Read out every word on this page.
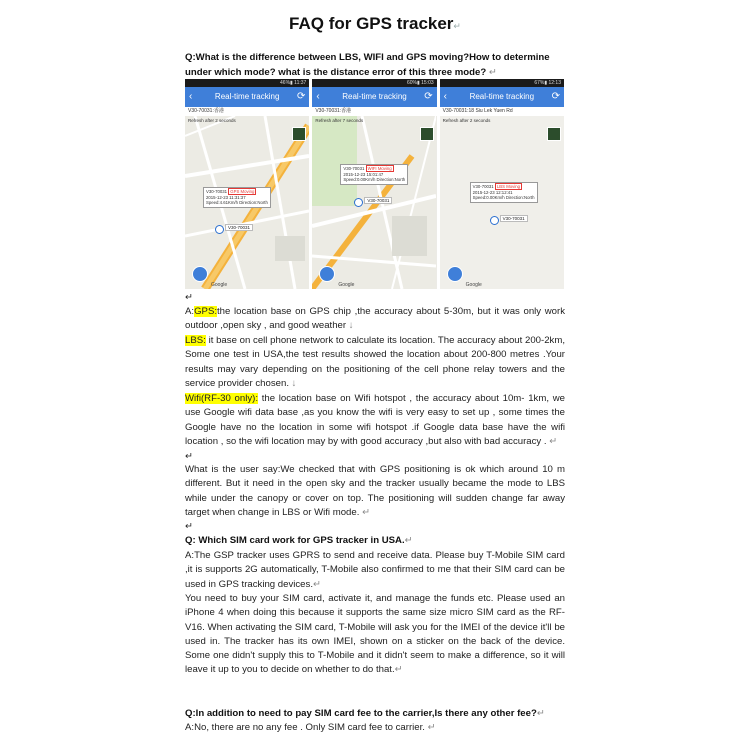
FAQ for GPS tracker↵
Q:What is the difference between LBS, WIFI and GPS moving?How to determine under which mode? what is the distance error of this three mode? ↵
46%▮ 11:37
‹	Real-time tracking ⟳
V30-70031:香港
Refresh after 2 seconds
V30-70031 GPS Moving
2015-12-23 11:31:37
Speed:4.61Km/h Direction:North
V30-70031
Google
60%▮ 15:03
‹	Real-time tracking ⟳
V30-70031:香港
Refresh after 7 seconds
V30-70031 WIFI Moving
2015-12-23 15:01:47
Speed:0.00Km/h Direction:North
V30-70031
Google
67%▮ 12:13
‹	Real-time tracking ⟳
V30-70031:18 Siu Lek Yuen Rd
Refresh after 2 seconds
V30-70031 LBS Moving
2015-12-23 12:12:41
Speed:0.00Km/h Direction:North
V30-70031
Google
↵
A:GPS:the location base on GPS chip ,the accuracy about 5-30m, but it was only work outdoor ,open sky , and good weather ↓
LBS: it base on cell phone network to calculate its location. The accuracy about 200-2km, Some one test in USA,the test results showed the location about 200-800 metres .Your results may vary depending on the positioning of the cell phone relay towers and the service provider chosen. ↓
Wifi(RF-30 only): the location base on Wifi hotspot , the accuracy about 10m- 1km, we use Google wifi data base ,as you know the wifi is very easy to set up , some times the Google have no the location in some wifi hotspot .if Google data base have the wifi location , so the wifi location may by with good accuracy ,but also with bad accuracy . ↵
↵
What is the user say:We checked that with GPS positioning is ok which around 10 m different. But it need in the open sky and the tracker usually became the mode to LBS while under the canopy or cover on top. The positioning will sudden change far away target when change in LBS or Wifi mode. ↵
↵
Q: Which SIM card work for GPS tracker in USA.↵
A:The GSP tracker uses GPRS to send and receive data. Please buy T-Mobile SIM card ,it is supports 2G automatically, T-Mobile also confirmed to me that their SIM card can be used in GPS tracking devices.↵
You need to buy your SIM card, activate it, and manage the funds etc. Please used an iPhone 4 when doing this because it supports the same size micro SIM card as the RF-V16. When activating the SIM card, T-Mobile will ask you for the IMEI of the device it'll be used in. The tracker has its own IMEI, shown on a sticker on the back of the device. Some one didn't supply this to T-Mobile and it didn't seem to make a difference, so it will leave it up to you to decide on whether to do that.↵
Q:In addition to need to pay SIM card fee to the carrier,Is there any other fee?↵
A:No, there are no any fee . Only SIM card fee to carrier. ↵
